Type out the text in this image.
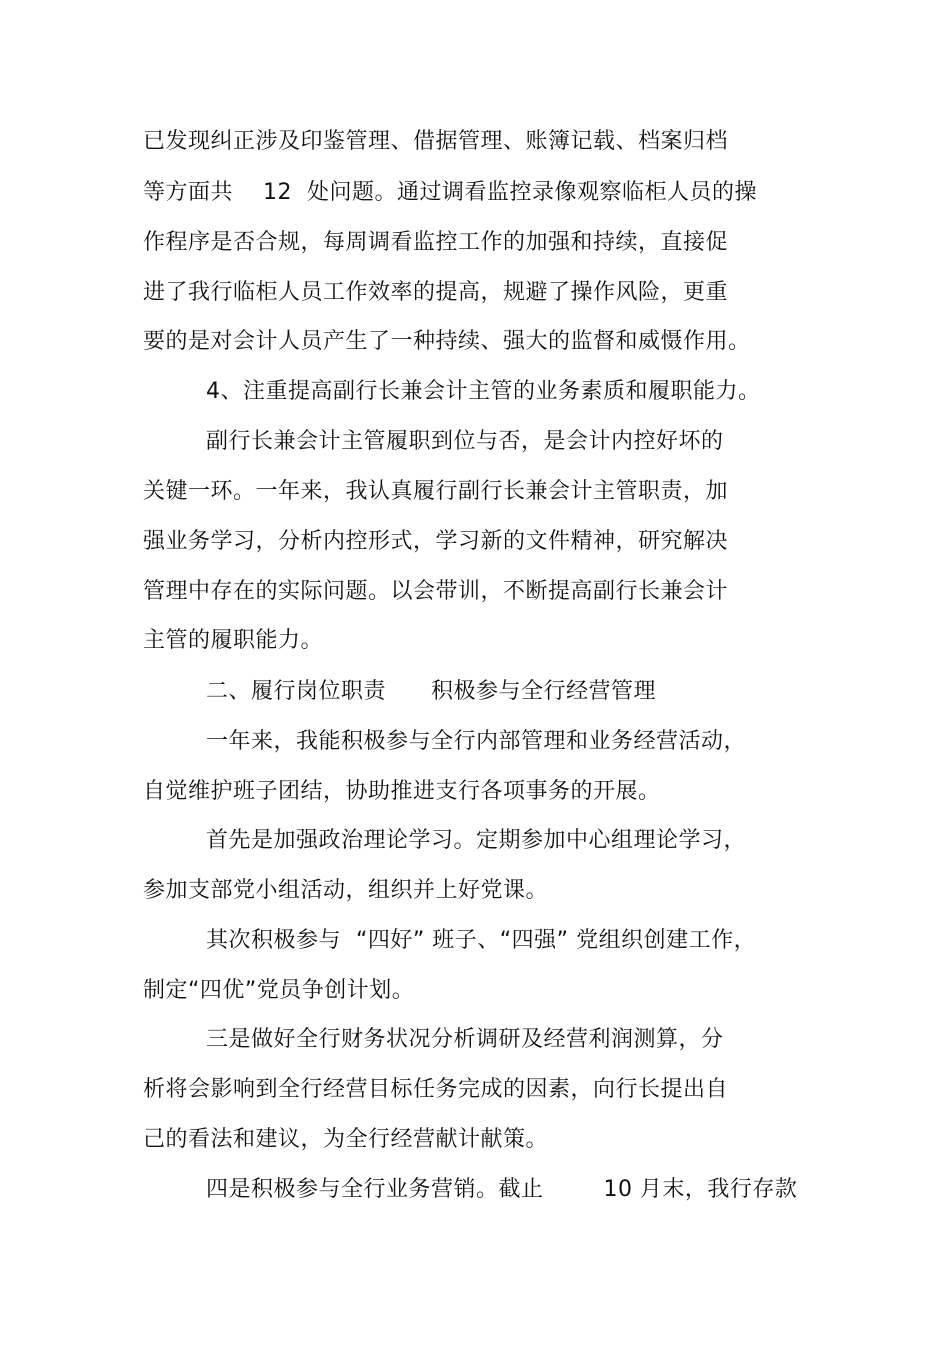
已发现纠正涉及印鉴管理、借据管理、账簿记载、档案归档
等方面共    12  处问题。通过调看监控录像观察临柜人员的操
作程序是否合规，每周调看监控工作的加强和持续，直接促
进了我行临柜人员工作效率的提高，规避了操作风险，更重
要的是对会计人员产生了一种持续、强大的监督和威慑作用。
4、注重提高副行长兼会计主管的业务素质和履职能力。
副行长兼会计主管履职到位与否，是会计内控好坏的
关键一环。一年来，我认真履行副行长兼会计主管职责，加
强业务学习，分析内控形式，学习新的文件精神，研究解决
管理中存在的实际问题。以会带训，不断提高副行长兼会计
主管的履职能力。
二、履行岗位职责      积极参与全行经营管理
一年来，我能积极参与全行内部管理和业务经营活动，
自觉维护班子团结，协助推进支行各项事务的开展。
首先是加强政治理论学习。定期参加中心组理论学习，
参加支部党小组活动，组织并上好党课。
其次积极参与  “四好” 班子、“四强” 党组织创建工作，
制定“四优”党员争创计划。
三是做好全行财务状况分析调研及经营利润测算，分
析将会影响到全行经营目标任务完成的因素，向行长提出自
己的看法和建议，为全行经营献计献策。
四是积极参与全行业务营销。截止        10 月末，我行存款
